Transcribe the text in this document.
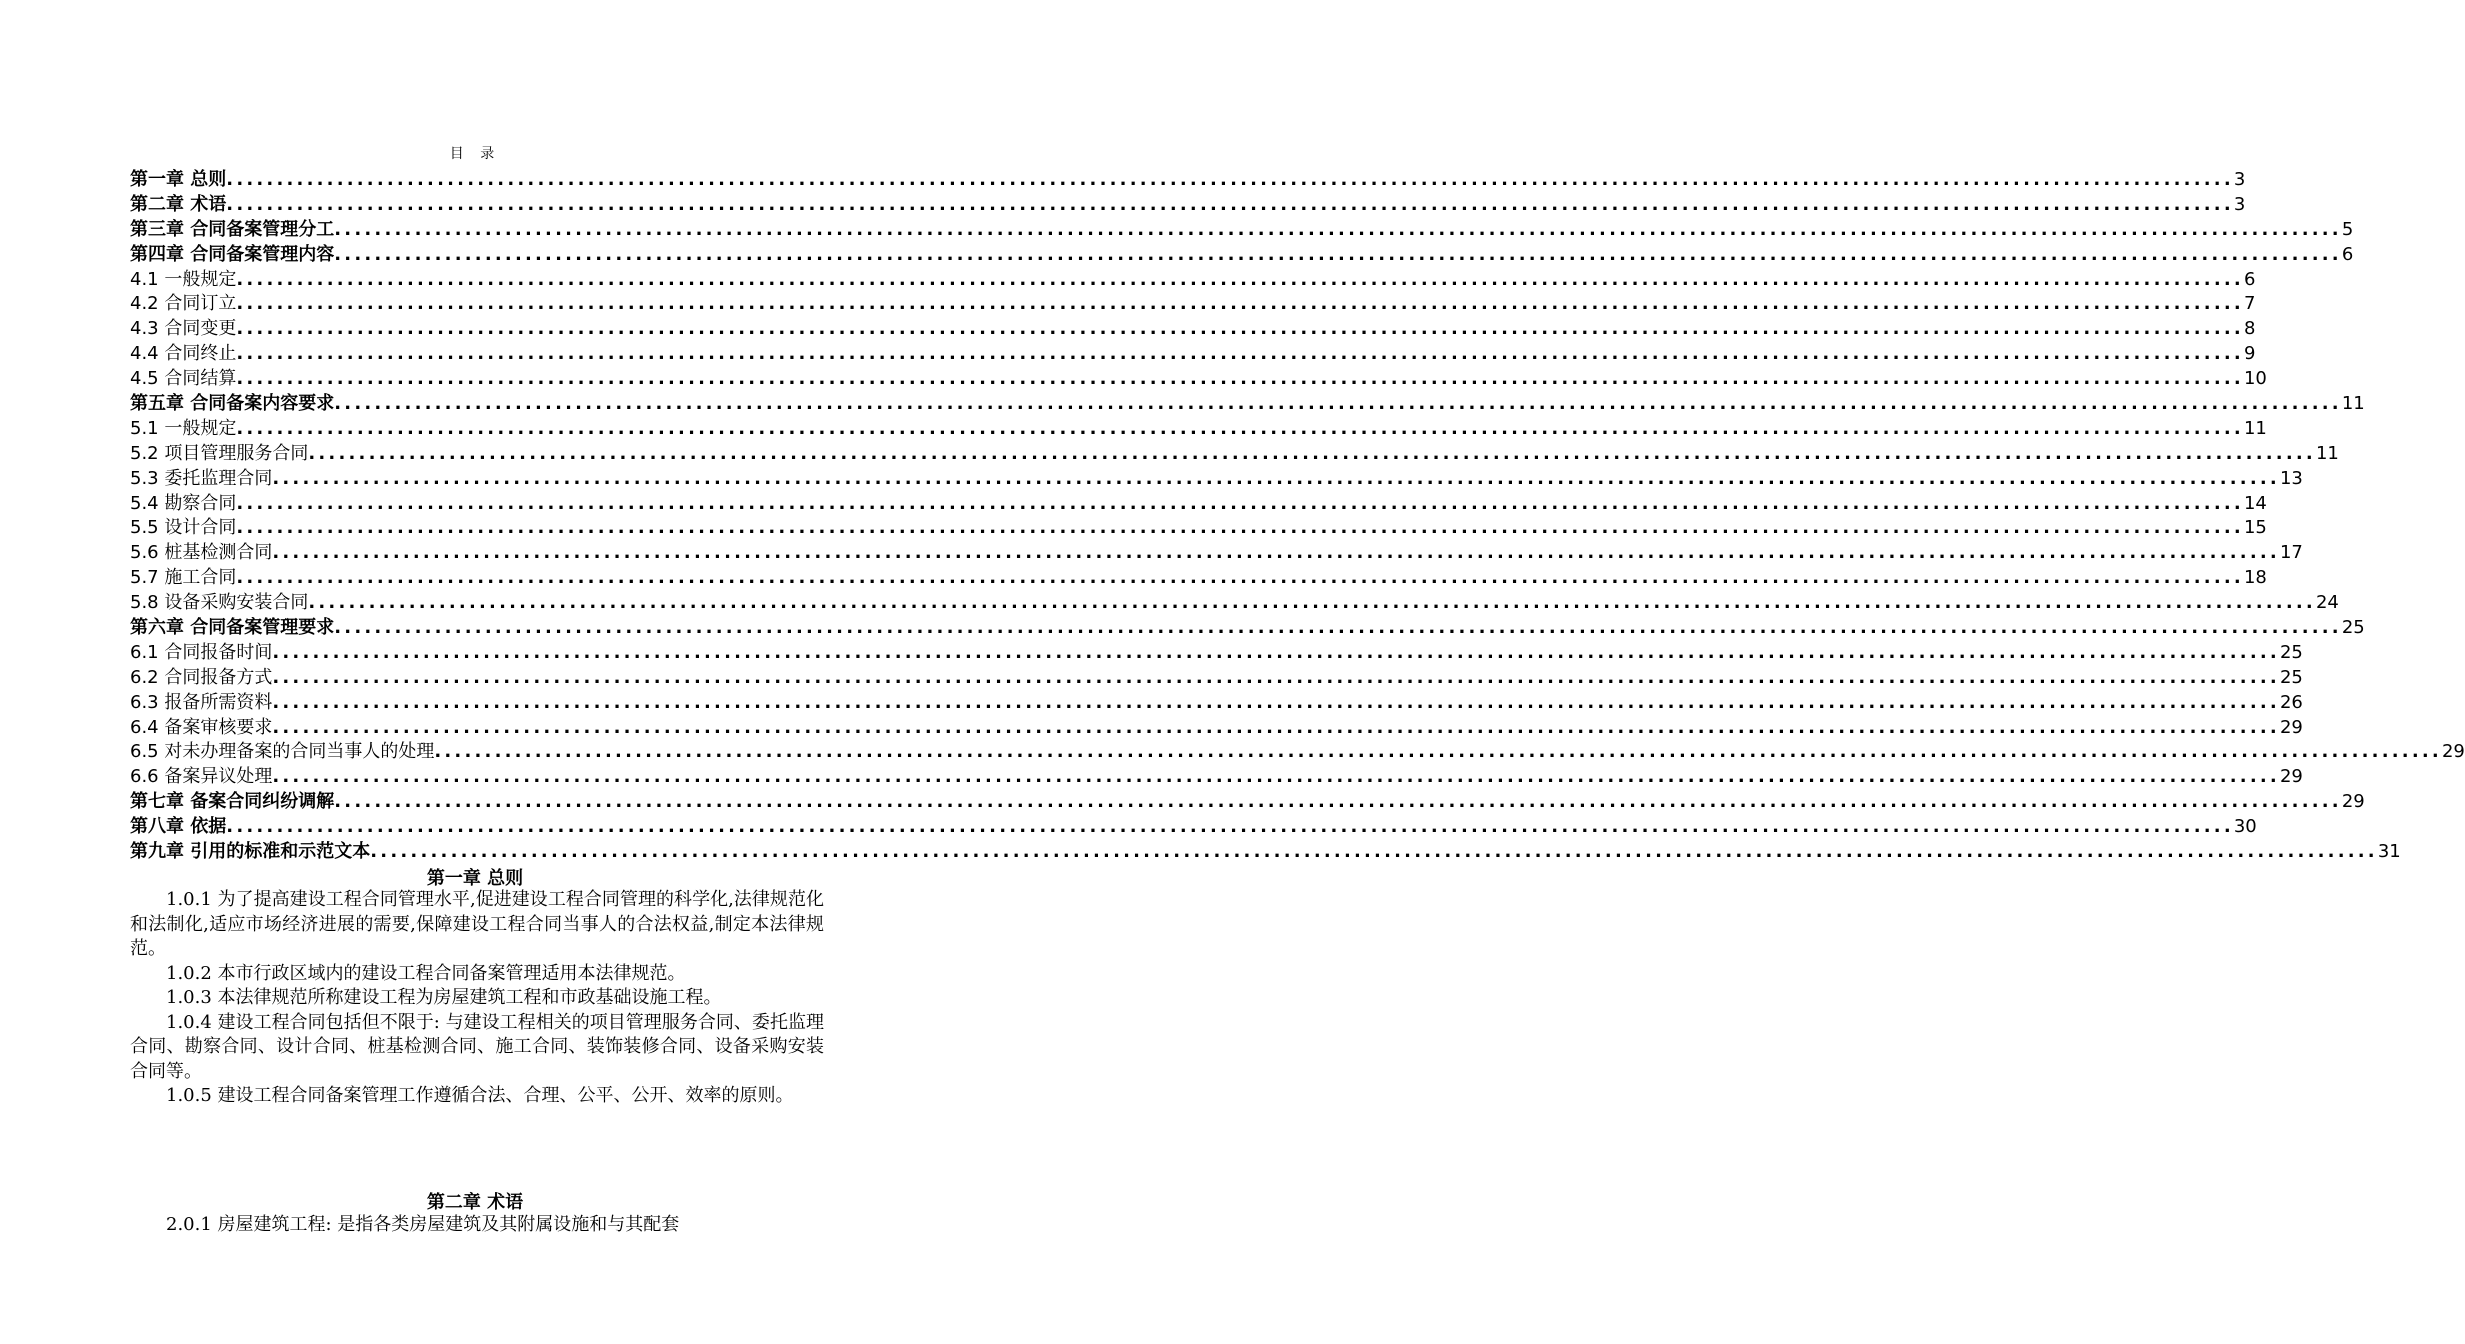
目 录
第一章 总则 ........................................................................................................................................................................................................ 3
第二章 术语 ........................................................................................................................................................................................................ 3
第三章 合同备案管理分工 ........................................................................................................................................................................................................ 5
第四章 合同备案管理内容 ........................................................................................................................................................................................................ 6
4.1 一般规定 ........................................................................................................................................................................................................ 6
4.2 合同订立 ........................................................................................................................................................................................................ 7
4.3 合同变更 ........................................................................................................................................................................................................ 8
4.4 合同终止 ........................................................................................................................................................................................................ 9
4.5 合同结算 ........................................................................................................................................................................................................ 10
第五章 合同备案内容要求 ........................................................................................................................................................................................................ 11
5.1 一般规定 ........................................................................................................................................................................................................ 11
5.2 项目管理服务合同 ........................................................................................................................................................................................................ 11
5.3 委托监理合同 ........................................................................................................................................................................................................ 13
5.4 勘察合同 ........................................................................................................................................................................................................ 14
5.5 设计合同 ........................................................................................................................................................................................................ 15
5.6 桩基检测合同 ........................................................................................................................................................................................................ 17
5.7 施工合同 ........................................................................................................................................................................................................ 18
5.8 设备采购安装合同 ........................................................................................................................................................................................................ 24
第六章 合同备案管理要求 ........................................................................................................................................................................................................ 25
6.1 合同报备时间 ........................................................................................................................................................................................................ 25
6.2 合同报备方式 ........................................................................................................................................................................................................ 25
6.3 报备所需资料 ........................................................................................................................................................................................................ 26
6.4 备案审核要求 ........................................................................................................................................................................................................ 29
6.5 对未办理备案的合同当事人的处理 ........................................................................................................................................................................................................ 29
6.6 备案异议处理 ........................................................................................................................................................................................................ 29
第七章 备案合同纠纷调解 ........................................................................................................................................................................................................ 29
第八章 依据 ........................................................................................................................................................................................................ 30
第九章 引用的标准和示范文本 ........................................................................................................................................................................................................ 31
第一章 总则

1.0.1 为了提高建设工程合同管理水平,促进建设工程合同管理的科学化,法律规范化和法制化,适应市场经济进展的需要,保障建设工程合同当事人的合法权益,制定本法律规范。

1.0.2 本市行政区域内的建设工程合同备案管理适用本法律规范。

1.0.3 本法律规范所称建设工程为房屋建筑工程和市政基础设施工程。

1.0.4 建设工程合同包括但不限于: 与建设工程相关的项目管理服务合同、委托监理合同、勘察合同、设计合同、桩基检测合同、施工合同、装饰装修合同、设备采购安装合同等。

1.0.5 建设工程合同备案管理工作遵循合法、合理、公平、公开、效率的原则。

第二章 术语

2.0.1 房屋建筑工程: 是指各类房屋建筑及其附属设施和与其配套
